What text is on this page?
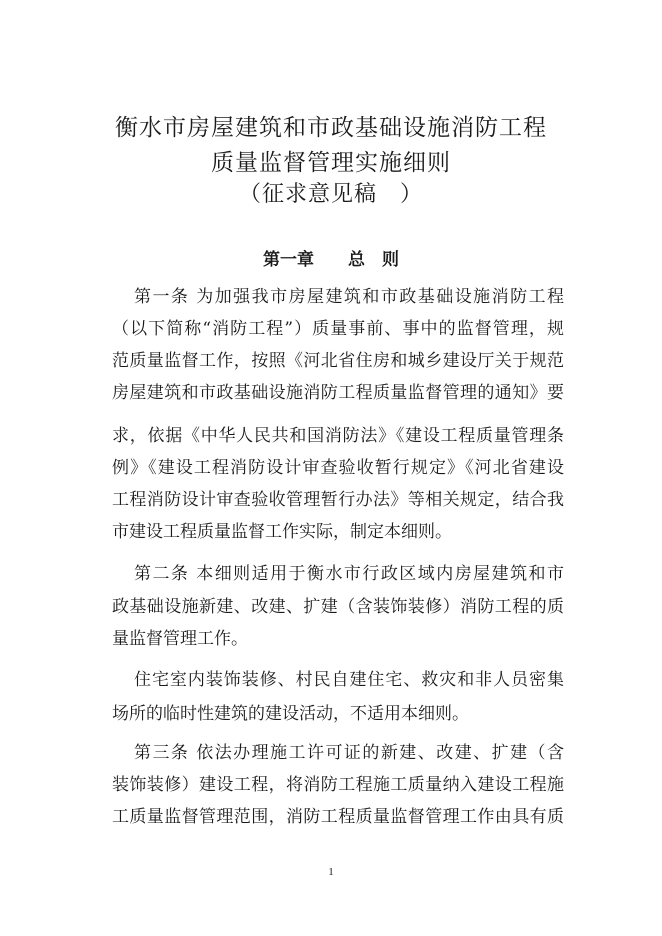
衡水市房屋建筑和市政基础设施消防工程
质量监督管理实施细则
（征求意见稿　）
第一章　　总　则
第一条 为加强我市房屋建筑和市政基础设施消防工程
（以下简称“消防工程”）质量事前、事中的监督管理，规
范质量监督工作，按照《河北省住房和城乡建设厅关于规范
房屋建筑和市政基础设施消防工程质量监督管理的通知》要
求，依据《中华人民共和国消防法》《建设工程质量管理条
例》《建设工程消防设计审查验收暂行规定》《河北省建设
工程消防设计审查验收管理暂行办法》等相关规定，结合我
市建设工程质量监督工作实际，制定本细则。
第二条 本细则适用于衡水市行政区域内房屋建筑和市
政基础设施新建、改建、扩建（含装饰装修）消防工程的质
量监督管理工作。
住宅室内装饰装修、村民自建住宅、救灾和非人员密集
场所的临时性建筑的建设活动，不适用本细则。
第三条 依法办理施工许可证的新建、改建、扩建（含
装饰装修）建设工程，将消防工程施工质量纳入建设工程施
工质量监督管理范围，消防工程质量监督管理工作由具有质
1
